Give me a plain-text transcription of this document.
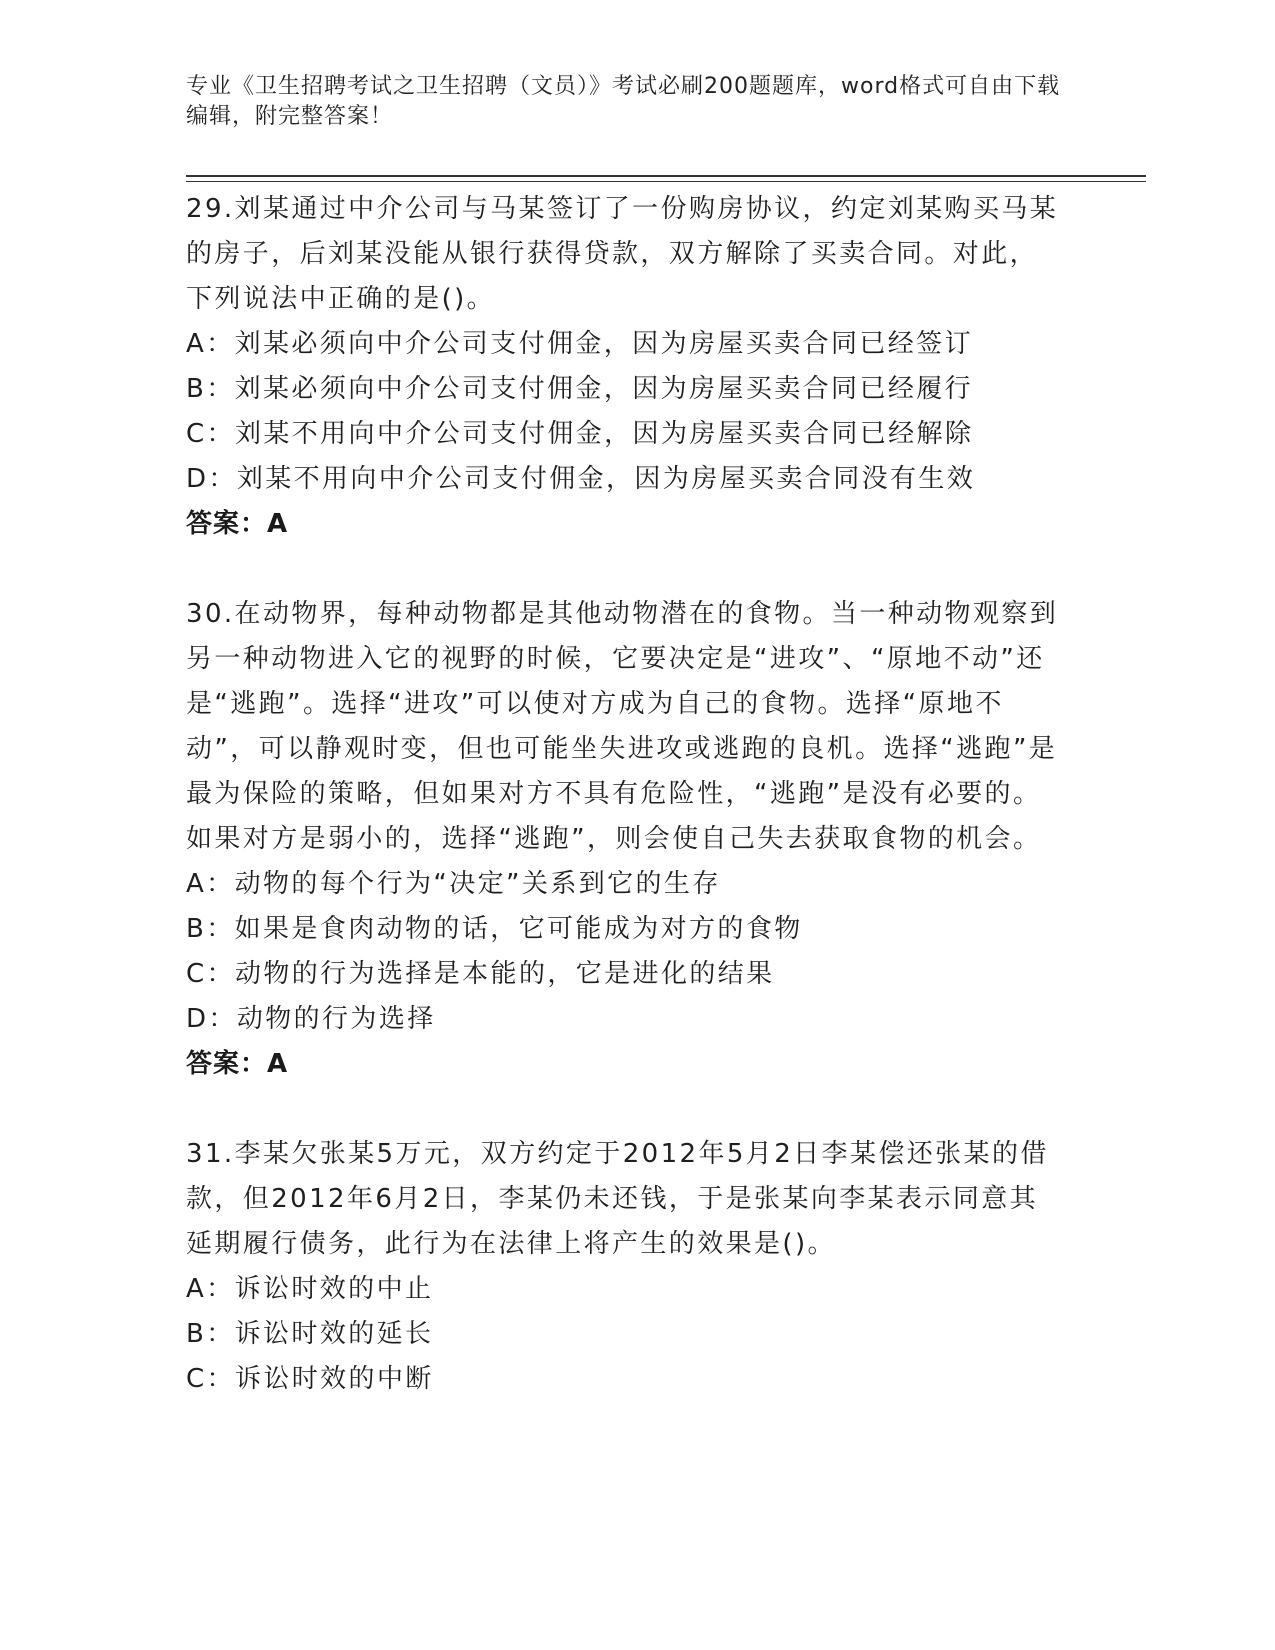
专业《卫生招聘考试之卫生招聘（文员）》考试必刷200题题库，word格式可自由下载编辑，附完整答案！

29.刘某通过中介公司与马某签订了一份购房协议，约定刘某购买马某的房子，后刘某没能从银行获得贷款，双方解除了买卖合同。对此，下列说法中正确的是()。

A：刘某必须向中介公司支付佣金，因为房屋买卖合同已经签订

B：刘某必须向中介公司支付佣金，因为房屋买卖合同已经履行

C：刘某不用向中介公司支付佣金，因为房屋买卖合同已经解除

D：刘某不用向中介公司支付佣金，因为房屋买卖合同没有生效

答案：A

30.在动物界，每种动物都是其他动物潜在的食物。当一种动物观察到另一种动物进入它的视野的时候，它要决定是“进攻”、“原地不动”还是“逃跑”。选择“进攻”可以使对方成为自己的食物。选择“原地不动”，可以静观时变，但也可能坐失进攻或逃跑的良机。选择“逃跑”是最为保险的策略，但如果对方不具有危险性，“逃跑”是没有必要的。如果对方是弱小的，选择“逃跑”，则会使自己失去获取食物的机会。

A：动物的每个行为“决定”关系到它的生存

B：如果是食肉动物的话，它可能成为对方的食物

C：动物的行为选择是本能的，它是进化的结果

D：动物的行为选择

答案：A

31.李某欠张某5万元，双方约定于2012年5月2日李某偿还张某的借款，但2012年6月2日，李某仍未还钱，于是张某向李某表示同意其延期履行债务，此行为在法律上将产生的效果是()。

A：诉讼时效的中止

B：诉讼时效的延长

C：诉讼时效的中断
